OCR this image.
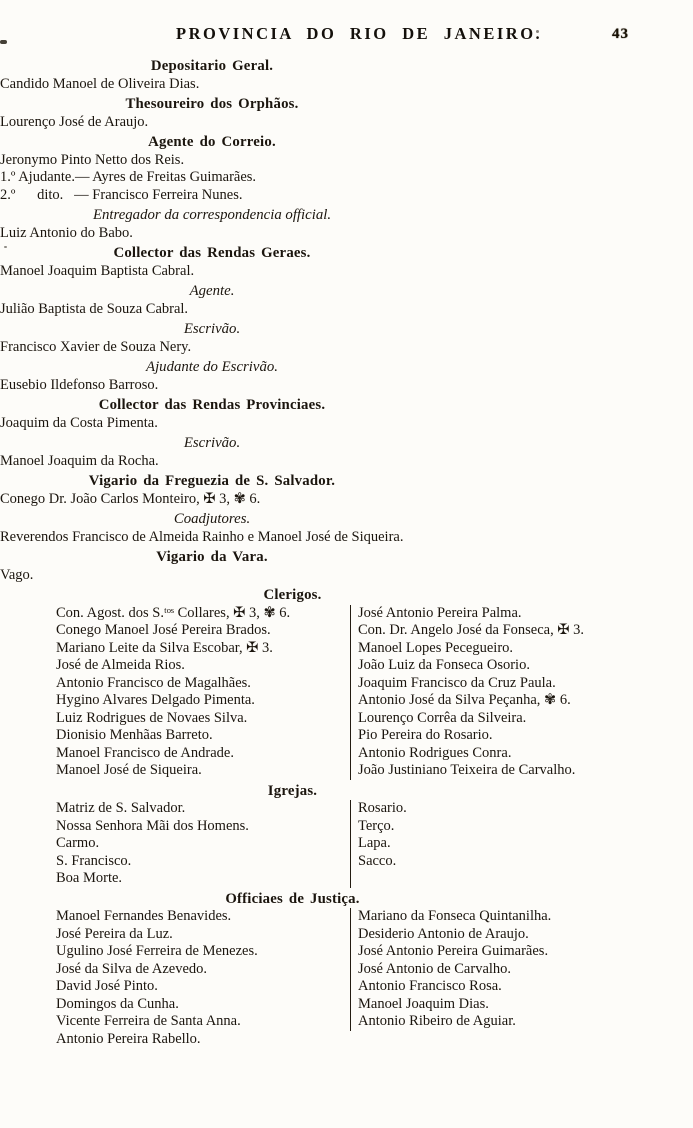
PROVINCIA DO RIO DE JANEIRO.	43

Depositario Geral.

Candido Manoel de Oliveira Dias.

Thesoureiro dos Orphãos.

Lourenço José de Araujo.

Agente do Correio.

Jeronymo Pinto Netto dos Reis.

1.º Ajudante.— Ayres de Freitas Guimarães.

2.º      dito.   — Francisco Ferreira Nunes.

Entregador da correspondencia official.

Luiz Antonio do Babo.

Collector das Rendas Geraes.

Manoel Joaquim Baptista Cabral.

Agente.

Julião Baptista de Souza Cabral.

Escrivão.

Francisco Xavier de Souza Nery.

Ajudante do Escrivão.

Eusebio Ildefonso Barroso.

Collector das Rendas Provinciaes.

Joaquim da Costa Pimenta.

Escrivão.

Manoel Joaquim da Rocha.

Vigario da Freguezia de S. Salvador.

Conego Dr. João Carlos Monteiro, ✠ 3, ✾ 6.

Coadjutores.

Reverendos Francisco de Almeida Rainho e Manoel José de Siqueira.

Vigario da Vara.

Vago.

Clerigos.

Con. Agost. dos S.ᵗᵒˢ Collares, ✠ 3, ✾ 6.

Conego Manoel José Pereira Brados.

Mariano Leite da Silva Escobar, ✠ 3.

José de Almeida Rios.

Antonio Francisco de Magalhães.

Hygino Alvares Delgado Pimenta.

Luiz Rodrigues de Novaes Silva.

Dionisio Menhãas Barreto.

Manoel Francisco de Andrade.

Manoel José de Siqueira.

José Antonio Pereira Palma.

Con. Dr. Angelo José da Fonseca, ✠ 3.

Manoel Lopes Pecegueiro.

João Luiz da Fonseca Osorio.

Joaquim Francisco da Cruz Paula.

Antonio José da Silva Peçanha, ✾ 6.

Lourenço Corrêa da Silveira.

Pio Pereira do Rosario.

Antonio Rodrigues Conra.

João Justiniano Teixeira de Carvalho.

Igrejas.

Matriz de S. Salvador.

Nossa Senhora Mãi dos Homens.

Carmo.

S. Francisco.

Boa Morte.

Rosario.

Terço.

Lapa.

Sacco.

Officiaes de Justiça.

Manoel Fernandes Benavides.

José Pereira da Luz.

Ugulino José Ferreira de Menezes.

José da Silva de Azevedo.

David José Pinto.

Domingos da Cunha.

Vicente Ferreira de Santa Anna.

Antonio Pereira Rabello.

Mariano da Fonseca Quintanilha.

Desiderio Antonio de Araujo.

José Antonio Pereira Guimarães.

José Antonio de Carvalho.

Antonio Francisco Rosa.

Manoel Joaquim Dias.

Antonio Ribeiro de Aguiar.
